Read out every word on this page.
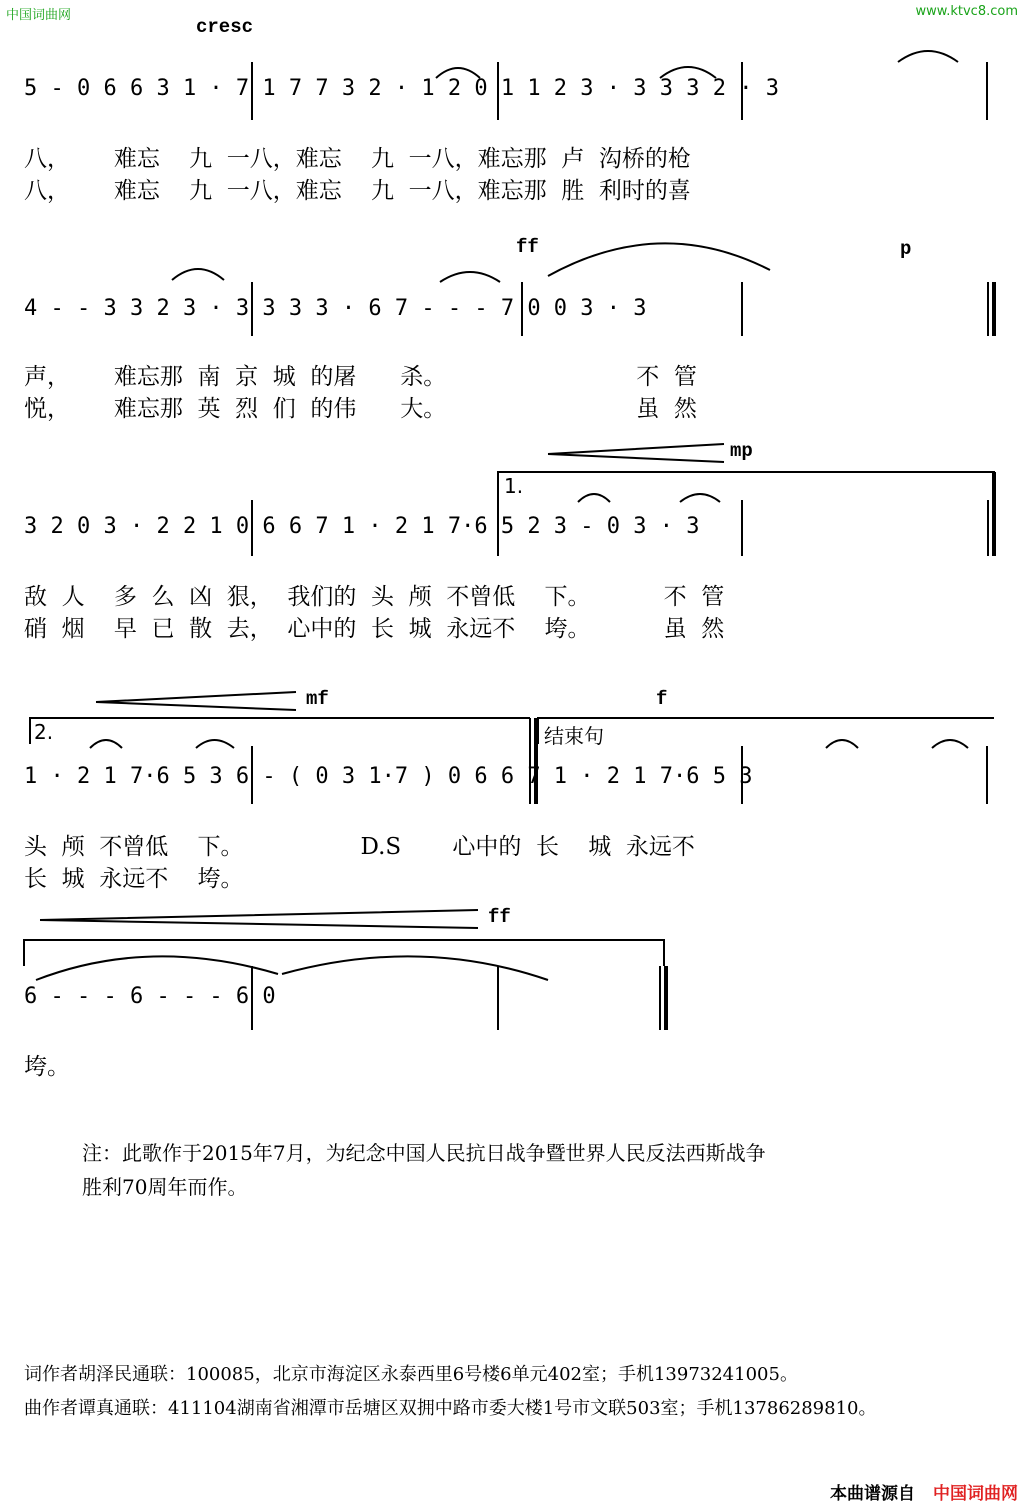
中国词曲网	www.ktvc8.com
cresc
ff	p
mp
mf	f
ff
1.
2.	结束句
5 - 0 6 6 3 1 · 7 1 7 7 3 2 · 1 2 0 1 1 2 3 · 3 3 3 2 · 3
八，      难忘    九  一八，难忘    九  一八，难忘那  卢  沟桥的枪
八，      难忘    九  一八，难忘    九  一八，难忘那  胜  利时的喜
4 - - 3 3 2 3 · 3 3 3 3 · 6 7 - - - 7 0 0 3 · 3
声，      难忘那  南  京  城  的屠      杀。                          不  管
悦，      难忘那  英  烈  们  的伟      大。                          虽  然
3 2 0 3 · 2 2 1 0 6 6 7 1 · 2 1 7·6 5 2 3 - 0 3 · 3
敌  人    多  么  凶  狠，  我们的  头  颅  不曾低    下。          不  管
硝  烟    早  已  散  去，  心中的  长  城  永远不    垮。          虽  然
1 · 2 1 7·6 5 3 6 - ( 0 3 1·7 ) 0 6 6 7 1 · 2 1 7·6 5 3
头  颅  不曾低    下。                D.S       心中的  长    城  永远不
长  城  永远不    垮。
6 - - - 6 - - - 6 0
垮。
注：此歌作于2015年7月，为纪念中国人民抗日战争暨世界人民反法西斯战争
胜利70周年而作。
词作者胡泽民通联：100085，北京市海淀区永泰西里6号楼6单元402室；手机13973241005。
曲作者谭真通联：411104湖南省湘潭市岳塘区双拥中路市委大楼1号市文联503室；手机13786289810。
本曲谱源自 中国词曲网
